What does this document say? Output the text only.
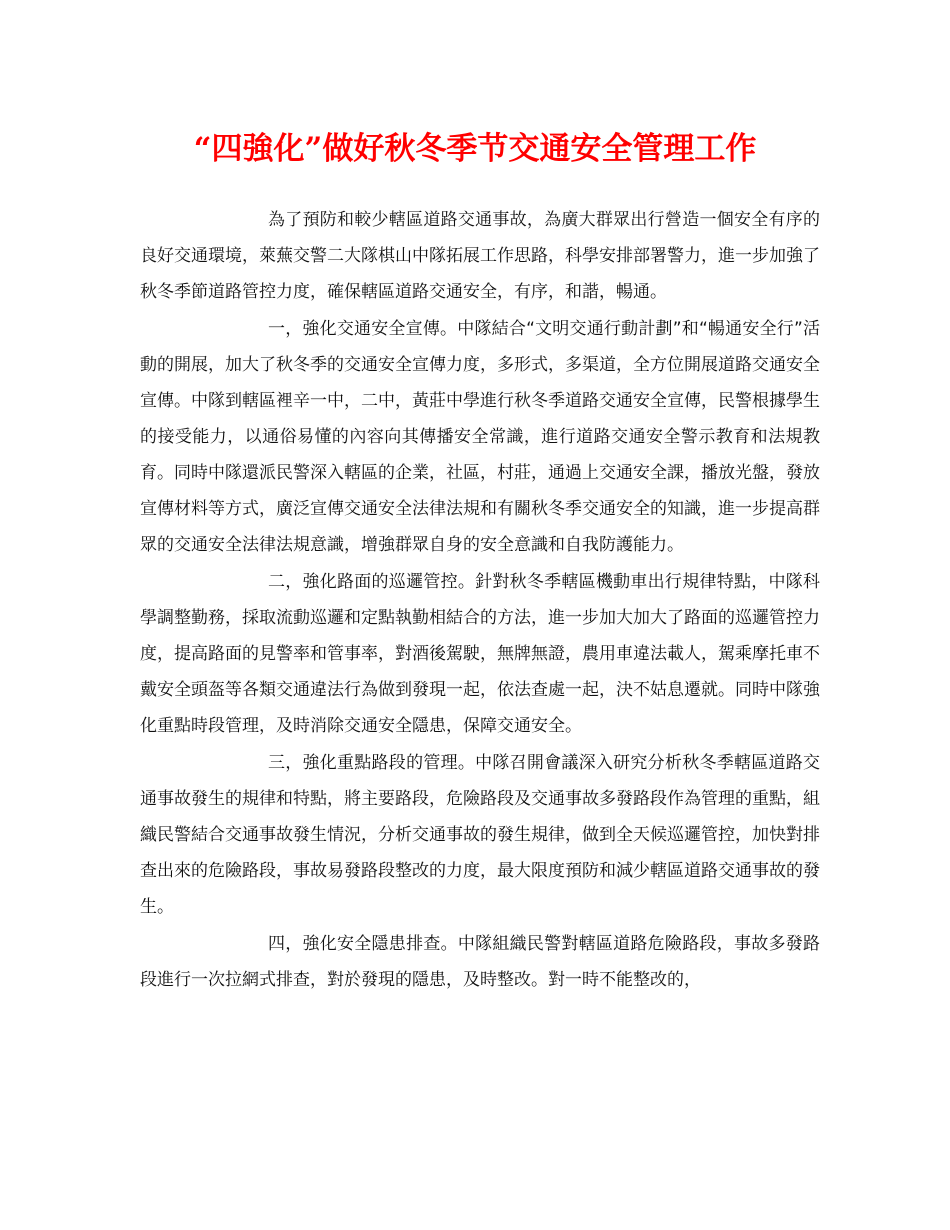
“四強化”做好秋冬季节交通安全管理工作

為了預防和較少轄區道路交通事故，為廣大群眾出行營造一個安全有序的良好交通環境，萊蕪交警二大隊棋山中隊拓展工作思路，科學安排部署警力，進一步加強了秋冬季節道路管控力度，確保轄區道路交通安全，有序，和諧，暢通。

一，強化交通安全宣傳。中隊結合“文明交通行動計劃”和“暢通安全行”活動的開展，加大了秋冬季的交通安全宣傳力度，多形式，多渠道，全方位開展道路交通安全宣傳。中隊到轄區裡辛一中，二中，黃莊中學進行秋冬季道路交通安全宣傳，民警根據學生的接受能力，以通俗易懂的內容向其傳播安全常識，進行道路交通安全警示教育和法規教育。同時中隊還派民警深入轄區的企業，社區，村莊，通過上交通安全課，播放光盤，發放宣傳材料等方式，廣泛宣傳交通安全法律法規和有關秋冬季交通安全的知識，進一步提高群眾的交通安全法律法規意識，增強群眾自身的安全意識和自我防護能力。

二，強化路面的巡邏管控。針對秋冬季轄區機動車出行規律特點，中隊科學調整勤務，採取流動巡邏和定點執勤相結合的方法，進一步加大加大了路面的巡邏管控力度，提高路面的見警率和管事率，對酒後駕駛，無牌無證，農用車違法載人，駕乘摩托車不戴安全頭盔等各類交通違法行為做到發現一起，依法查處一起，決不姑息遷就。同時中隊強化重點時段管理，及時消除交通安全隱患，保障交通安全。

三，強化重點路段的管理。中隊召開會議深入研究分析秋冬季轄區道路交通事故發生的規律和特點，將主要路段，危險路段及交通事故多發路段作為管理的重點，組織民警結合交通事故發生情況，分析交通事故的發生規律，做到全天候巡邏管控，加快對排查出來的危險路段，事故易發路段整改的力度，最大限度預防和減少轄區道路交通事故的發生。

四，強化安全隱患排查。中隊組織民警對轄區道路危險路段，事故多發路段進行一次拉網式排查，對於發現的隱患，及時整改。對一時不能整改的，
